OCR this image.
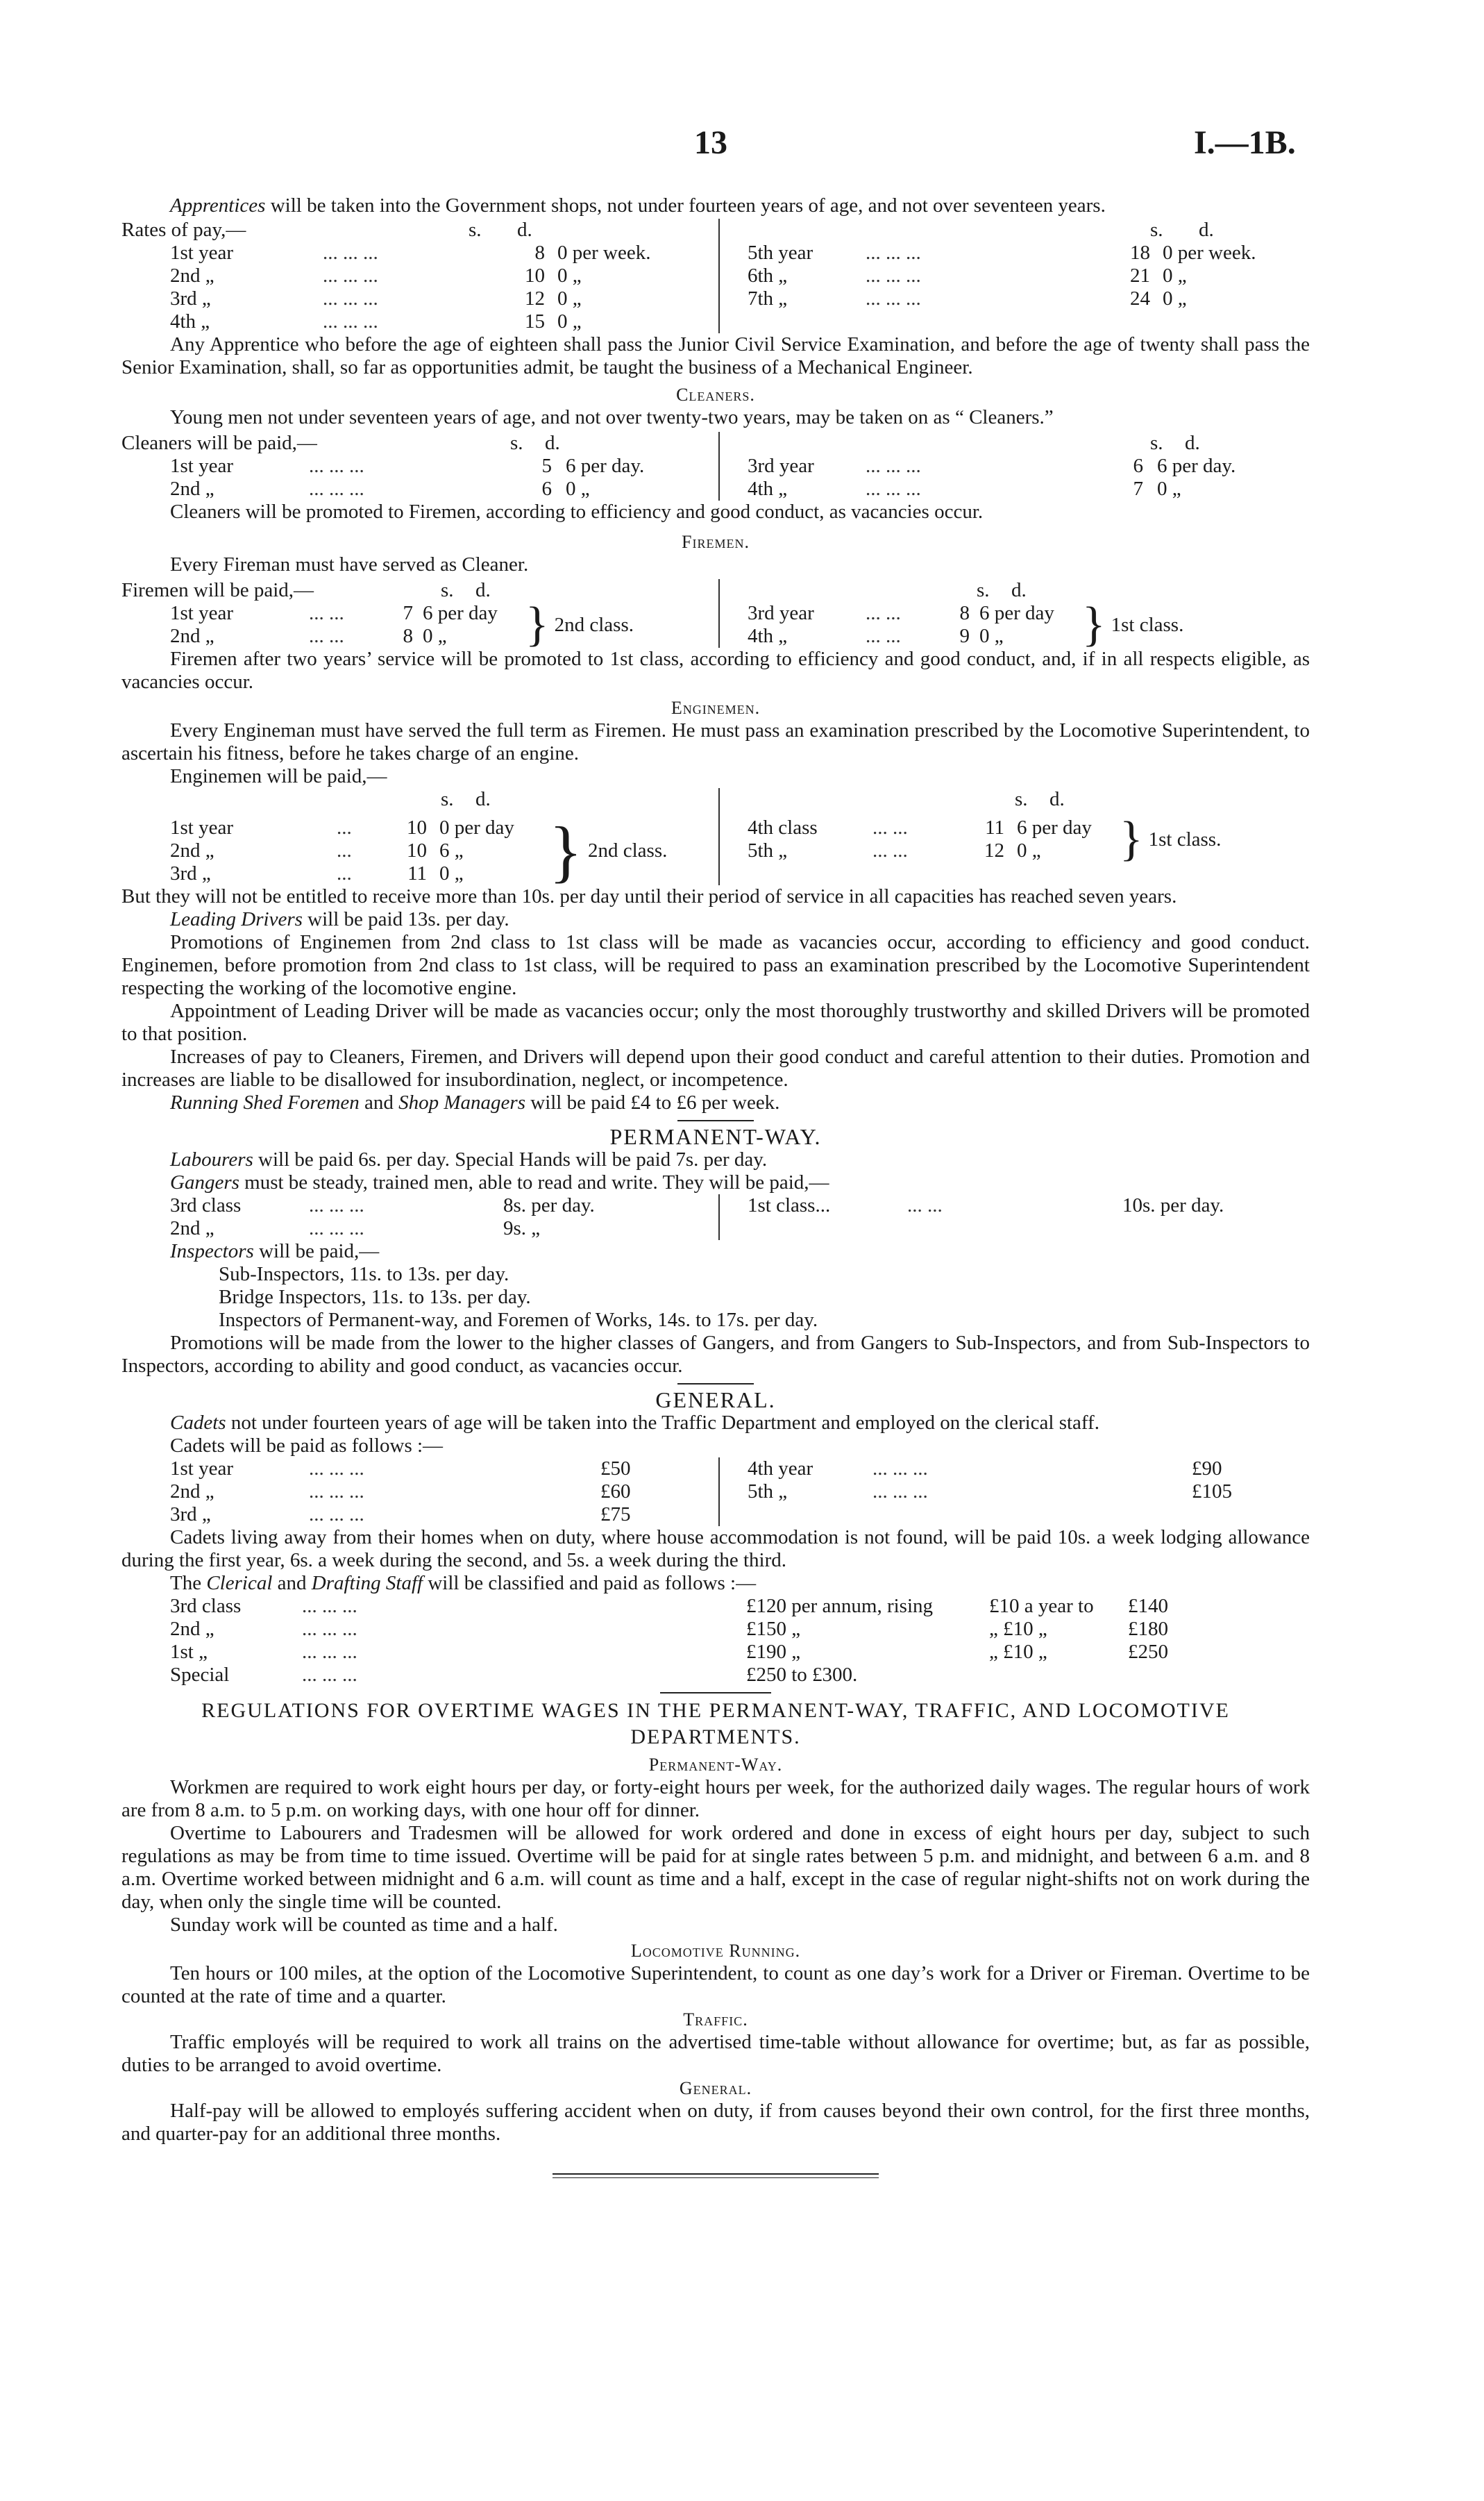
13	I.—1B.

Apprentices will be taken into the Government shops, not under fourteen years of age, and not over seventeen years.

Rates of pay,—	s.	d.
1st year	... ... ...	8 0 per week.
2nd „	... ... ...	10 0 „
3rd „	... ... ...	12 0 „
4th „	... ... ...	15 0 „
s.	d.
5th year	... ... ...	18 0 per week.
6th „	... ... ...	21 0 „
7th „	... ... ...	24 0 „

Any Apprentice who before the age of eighteen shall pass the Junior Civil Service Examination, and before the age of twenty shall pass the Senior Examination, shall, so far as opportunities admit, be taught the business of a Mechanical Engineer.

Cleaners.

Young men not under seventeen years of age, and not over twenty-two years, may be taken on as “ Cleaners.”

Cleaners will be paid,—	s.	d.
1st year	... ... ...	5 6 per day.
2nd „	... ... ...	6 0 „
s.	d.
3rd year	... ... ...	6 6 per day.
4th „	... ... ...	7 0 „

Cleaners will be promoted to Firemen, according to efficiency and good conduct, as vacancies occur.

Firemen.

Every Fireman must have served as Cleaner.

Firemen will be paid,—	s.	d.
1st year	... ...	7 6 per day
2nd „	... ...	8 0 „	} 2nd class.
s.	d.
3rd year	... ...	8 6 per day
4th „	... ...	9 0 „	} 1st class.

Firemen after two years’ service will be promoted to 1st class, according to efficiency and good conduct, and, if in all respects eligible, as vacancies occur.

Enginemen.

Every Engineman must have served the full term as Firemen. He must pass an examination prescribed by the Locomotive Superintendent, to ascertain his fitness, before he takes charge of an engine.

Enginemen will be paid,—

s.	d.
1st year	...	10 0 per day
2nd „	...	10 6 „
3rd „	...	11 0 „	} 2nd class.
s.	d.
4th class	... ...	11 6 per day
5th „	... ...	12 0 „	} 1st class.

But they will not be entitled to receive more than 10s. per day until their period of service in all capacities has reached seven years.

Leading Drivers will be paid 13s. per day.

Promotions of Enginemen from 2nd class to 1st class will be made as vacancies occur, according to efficiency and good conduct. Enginemen, before promotion from 2nd class to 1st class, will be required to pass an examination prescribed by the Locomotive Superintendent respecting the working of the locomotive engine.

Appointment of Leading Driver will be made as vacancies occur; only the most thoroughly trustworthy and skilled Drivers will be promoted to that position.

Increases of pay to Cleaners, Firemen, and Drivers will depend upon their good conduct and careful attention to their duties. Promotion and increases are liable to be disallowed for insubordination, neglect, or incompetence.

Running Shed Foremen and Shop Managers will be paid £4 to £6 per week.

PERMANENT-WAY.

Labourers will be paid 6s. per day. Special Hands will be paid 7s. per day.

Gangers must be steady, trained men, able to read and write. They will be paid,—

3rd class	... ... ...	8s. per day.
2nd „	... ... ...	9s. „
1st class...	... ...	10s. per day.

Inspectors will be paid,—

Sub-Inspectors, 11s. to 13s. per day.

Bridge Inspectors, 11s. to 13s. per day.

Inspectors of Permanent-way, and Foremen of Works, 14s. to 17s. per day.

Promotions will be made from the lower to the higher classes of Gangers, and from Gangers to Sub-Inspectors, and from Sub-Inspectors to Inspectors, according to ability and good conduct, as vacancies occur.

GENERAL.

Cadets not under fourteen years of age will be taken into the Traffic Department and employed on the clerical staff.

Cadets will be paid as follows :—

1st year	... ... ...	£50
2nd „	... ... ...	£60
3rd „	... ... ...	£75
4th year	... ... ...	£90
5th „	... ... ...	£105

Cadets living away from their homes when on duty, where house accommodation is not found, will be paid 10s. a week lodging allowance during the first year, 6s. a week during the second, and 5s. a week during the third.

The Clerical and Drafting Staff will be classified and paid as follows :—

3rd class	... ... ...	£120 per annum, rising	£10 a year to	£140
2nd „	... ... ...	£150 „	„ £10 „	£180
1st „	... ... ...	£190 „	„ £10 „	£250
Special	... ... ...	£250 to £300.

REGULATIONS FOR OVERTIME WAGES IN THE PERMANENT-WAY, TRAFFIC, AND LOCOMOTIVE

DEPARTMENTS.

Permanent-Way.

Workmen are required to work eight hours per day, or forty-eight hours per week, for the authorized daily wages. The regular hours of work are from 8 a.m. to 5 p.m. on working days, with one hour off for dinner.

Overtime to Labourers and Tradesmen will be allowed for work ordered and done in excess of eight hours per day, subject to such regulations as may be from time to time issued. Overtime will be paid for at single rates between 5 p.m. and midnight, and between 6 a.m. and 8 a.m. Overtime worked between midnight and 6 a.m. will count as time and a half, except in the case of regular night-shifts not on work during the day, when only the single time will be counted.

Sunday work will be counted as time and a half.

Locomotive Running.

Ten hours or 100 miles, at the option of the Locomotive Superintendent, to count as one day’s work for a Driver or Fireman. Overtime to be counted at the rate of time and a quarter.

Traffic.

Traffic employés will be required to work all trains on the advertised time-table without allowance for overtime; but, as far as possible, duties to be arranged to avoid overtime.

General.

Half-pay will be allowed to employés suffering accident when on duty, if from causes beyond their own control, for the first three months, and quarter-pay for an additional three months.
